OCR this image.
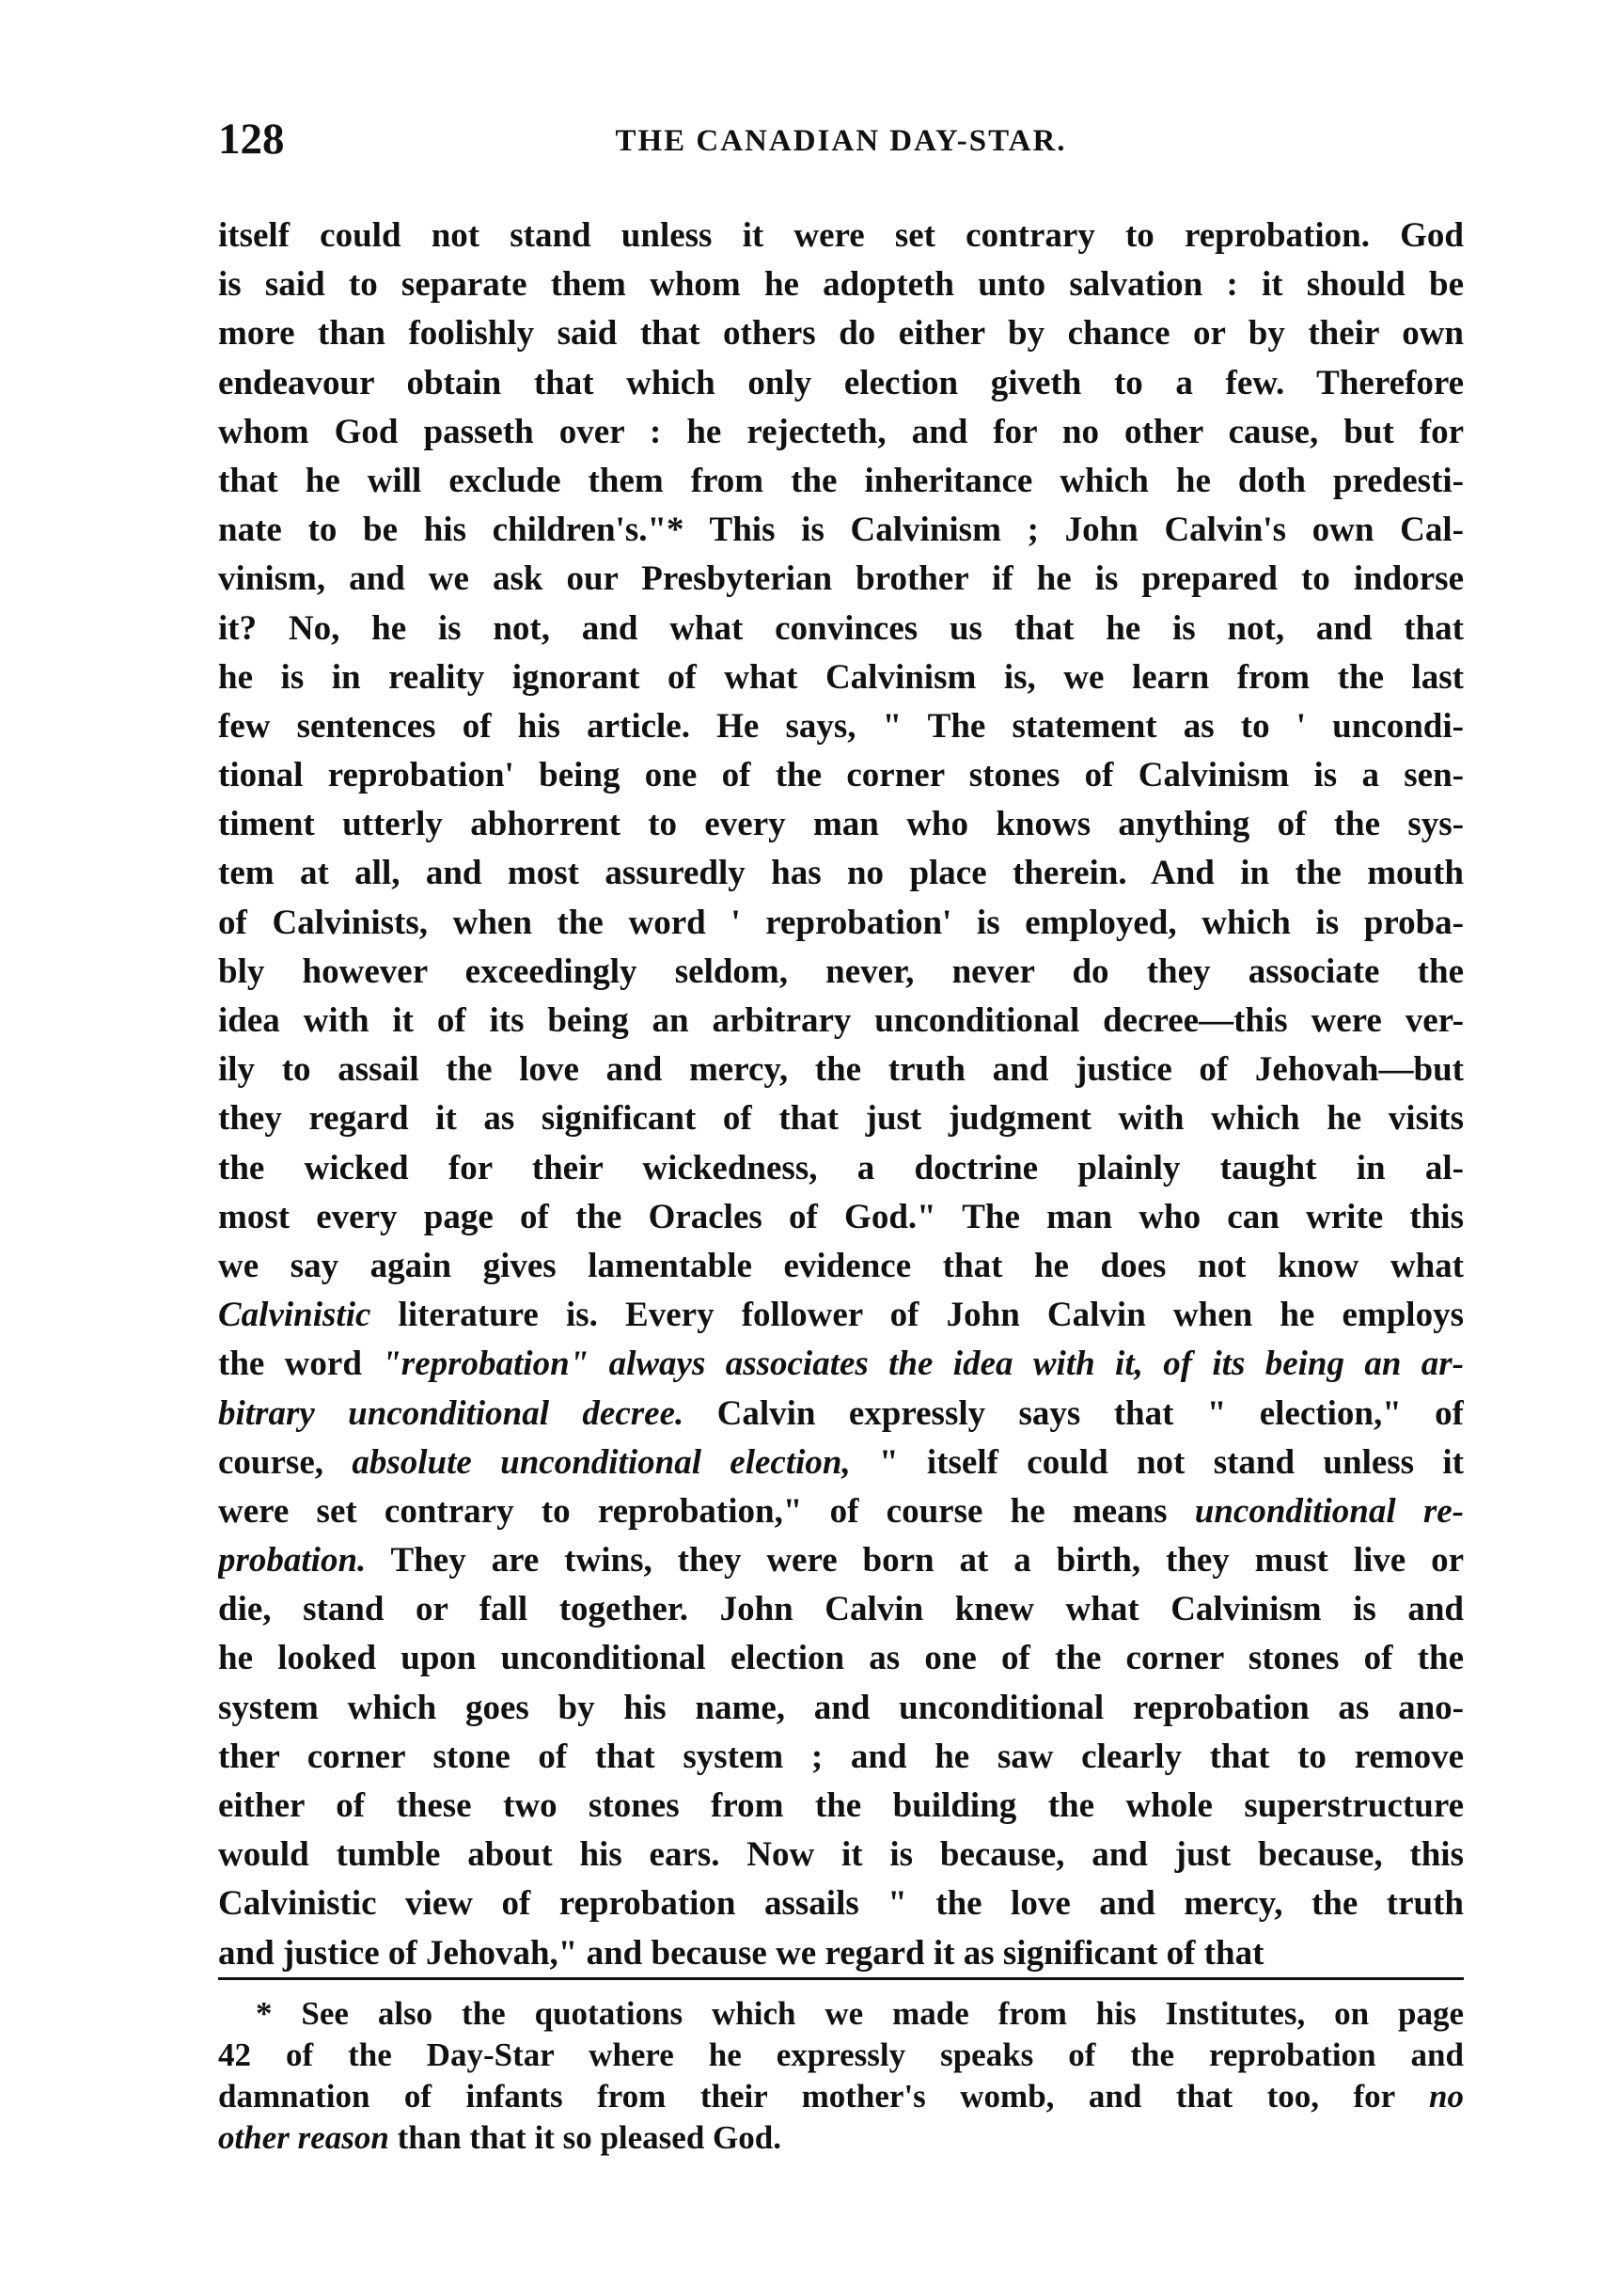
128	THE CANADIAN DAY-STAR.
itself could not stand unless it were set contrary to reprobation. God
is said to separate them whom he adopteth unto salvation : it should be
more than foolishly said that others do either by chance or by their own
endeavour obtain that which only election giveth to a few. Therefore
whom God passeth over : he rejecteth, and for no other cause, but for
that he will exclude them from the inheritance which he doth predesti-
nate to be his children's."* This is Calvinism ; John Calvin's own Cal-
vinism, and we ask our Presbyterian brother if he is prepared to indorse
it? No, he is not, and what convinces us that he is not, and that
he is in reality ignorant of what Calvinism is, we learn from the last
few sentences of his article. He says, " The statement as to ' uncondi-
tional reprobation' being one of the corner stones of Calvinism is a sen-
timent utterly abhorrent to every man who knows anything of the sys-
tem at all, and most assuredly has no place therein. And in the mouth
of Calvinists, when the word ' reprobation' is employed, which is proba-
bly however exceedingly seldom, never, never do they associate the
idea with it of its being an arbitrary unconditional decree—this were ver-
ily to assail the love and mercy, the truth and justice of Jehovah—but
they regard it as significant of that just judgment with which he visits
the wicked for their wickedness, a doctrine plainly taught in al-
most every page of the Oracles of God." The man who can write this
we say again gives lamentable evidence that he does not know what
Calvinistic literature is. Every follower of John Calvin when he employs
the word "reprobation" always associates the idea with it, of its being an ar-
bitrary unconditional decree. Calvin expressly says that " election," of
course, absolute unconditional election, " itself could not stand unless it
were set contrary to reprobation," of course he means unconditional re-
probation. They are twins, they were born at a birth, they must live or
die, stand or fall together. John Calvin knew what Calvinism is and
he looked upon unconditional election as one of the corner stones of the
system which goes by his name, and unconditional reprobation as ano-
ther corner stone of that system ; and he saw clearly that to remove
either of these two stones from the building the whole superstructure
would tumble about his ears. Now it is because, and just because, this
Calvinistic view of reprobation assails " the love and mercy, the truth
and justice of Jehovah," and because we regard it as significant of that
* See also the quotations which we made from his Institutes, on page
42 of the Day-Star where he expressly speaks of the reprobation and
damnation of infants from their mother's womb, and that too, for no
other reason than that it so pleased God.
